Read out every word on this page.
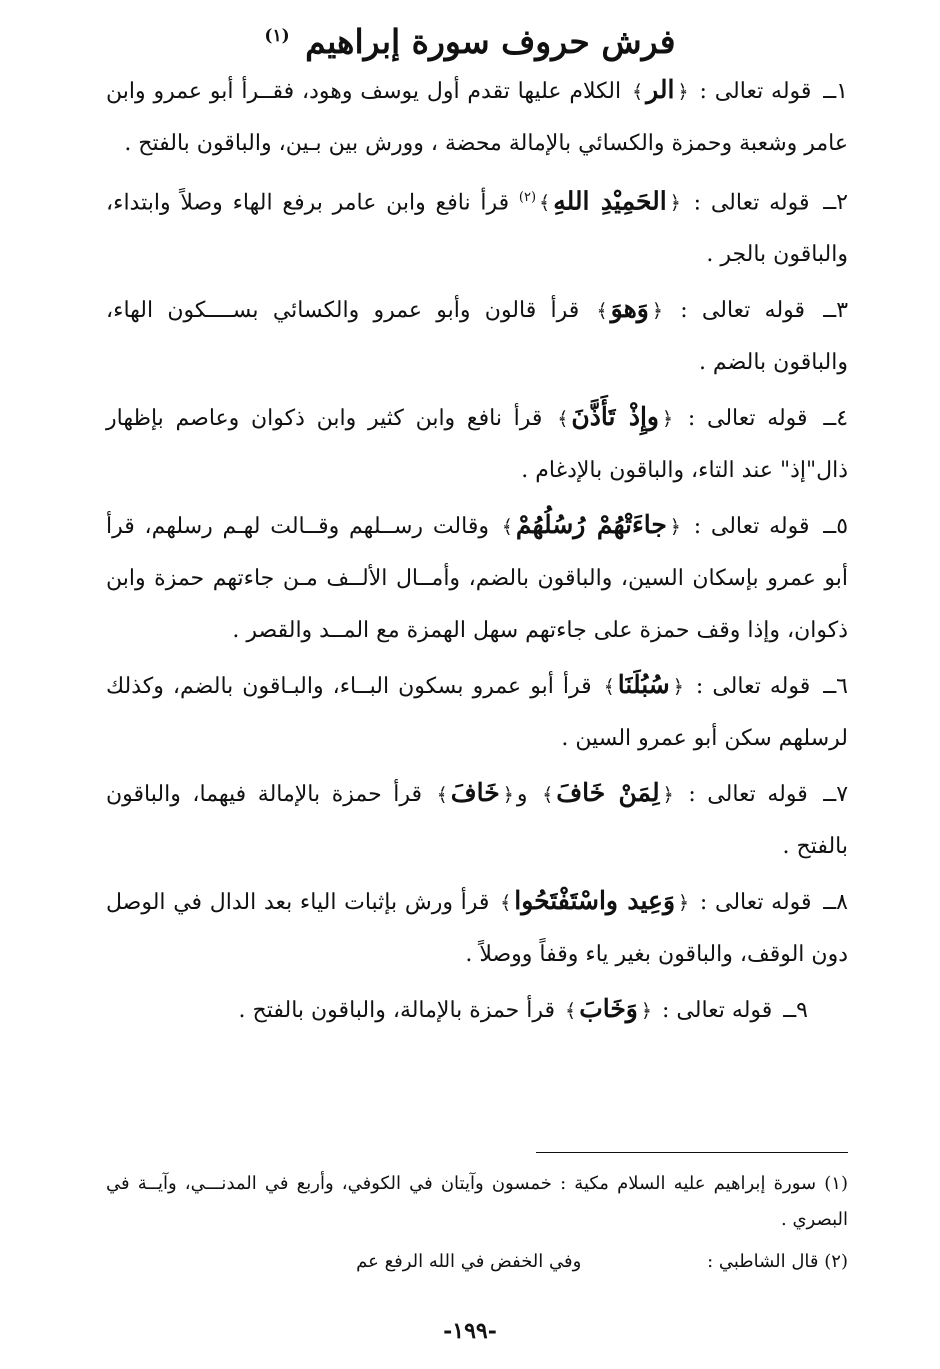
فرش حروف سورة إبراهيم $^{(١)}$

١ــ قوله تعالى : ﴿الر﴾ الكلام عليها تقدم أول يوسف وهود، فقــرأ أبو عمرو وابن عامر وشعبة وحمزة والكسائي بالإمالة محضة ، وورش بين بـين، والباقون بالفتح .

٢ــ قوله تعالى : ﴿الحَمِيْدِ اللهِ﴾$^{(٢)}$ قرأ نافع وابن عامر برفع الهاء وصلاً وابتداء، والباقون بالجر .

٣ــ قوله تعالى : ﴿وَهوَ﴾ قرأ قالون وأبو عمرو والكسائي بســــكون الهاء، والباقون بالضم .

٤ــ قوله تعالى : ﴿وإِذْ تَأَذَّنَ﴾ قرأ نافع وابن كثير وابن ذكوان وعاصم بإظهار ذال"إذ" عند التاء، والباقون بالإدغام .

٥ــ قوله تعالى : ﴿جاءَتْهُمْ رُسُلُهُمْ﴾ وقالت رســلهم وقــالت لهـم رسلهم، قرأ أبو عمرو بإسكان السين، والباقون بالضم، وأمــال الألــف مـن جاءتهم حمزة وابن ذكوان، وإذا وقف حمزة على جاءتهم سهل الهمزة مع المــد والقصر .

٦ــ قوله تعالى : ﴿سُبُلَنَا﴾ قرأ أبو عمرو بسكون البــاء، والبـاقون بالضم، وكذلك لرسلهم سكن أبو عمرو السين .

٧ــ قوله تعالى : ﴿لِمَنْ خَافَ﴾ و﴿خَافَ﴾ قرأ حمزة بالإمالة فيهما، والباقون بالفتح .

٨ــ قوله تعالى : ﴿وَعِيد واسْتَفْتَحُوا﴾ قرأ ورش بإثبات الياء بعد الدال في الوصل دون الوقف، والباقون بغير ياء وقفاً ووصلاً .

٩ــ قوله تعالى : ﴿وَخَابَ﴾ قرأ حمزة بالإمالة، والباقون بالفتح .

(١) سورة إبراهيم عليه السلام مكية : خمسون وآيتان في الكوفي، وأربع في المدنـــي، وآيــة في البصري .

(٢) قال الشاطبي : وفي الخفض في الله الرفع عم

-١٩٩-
